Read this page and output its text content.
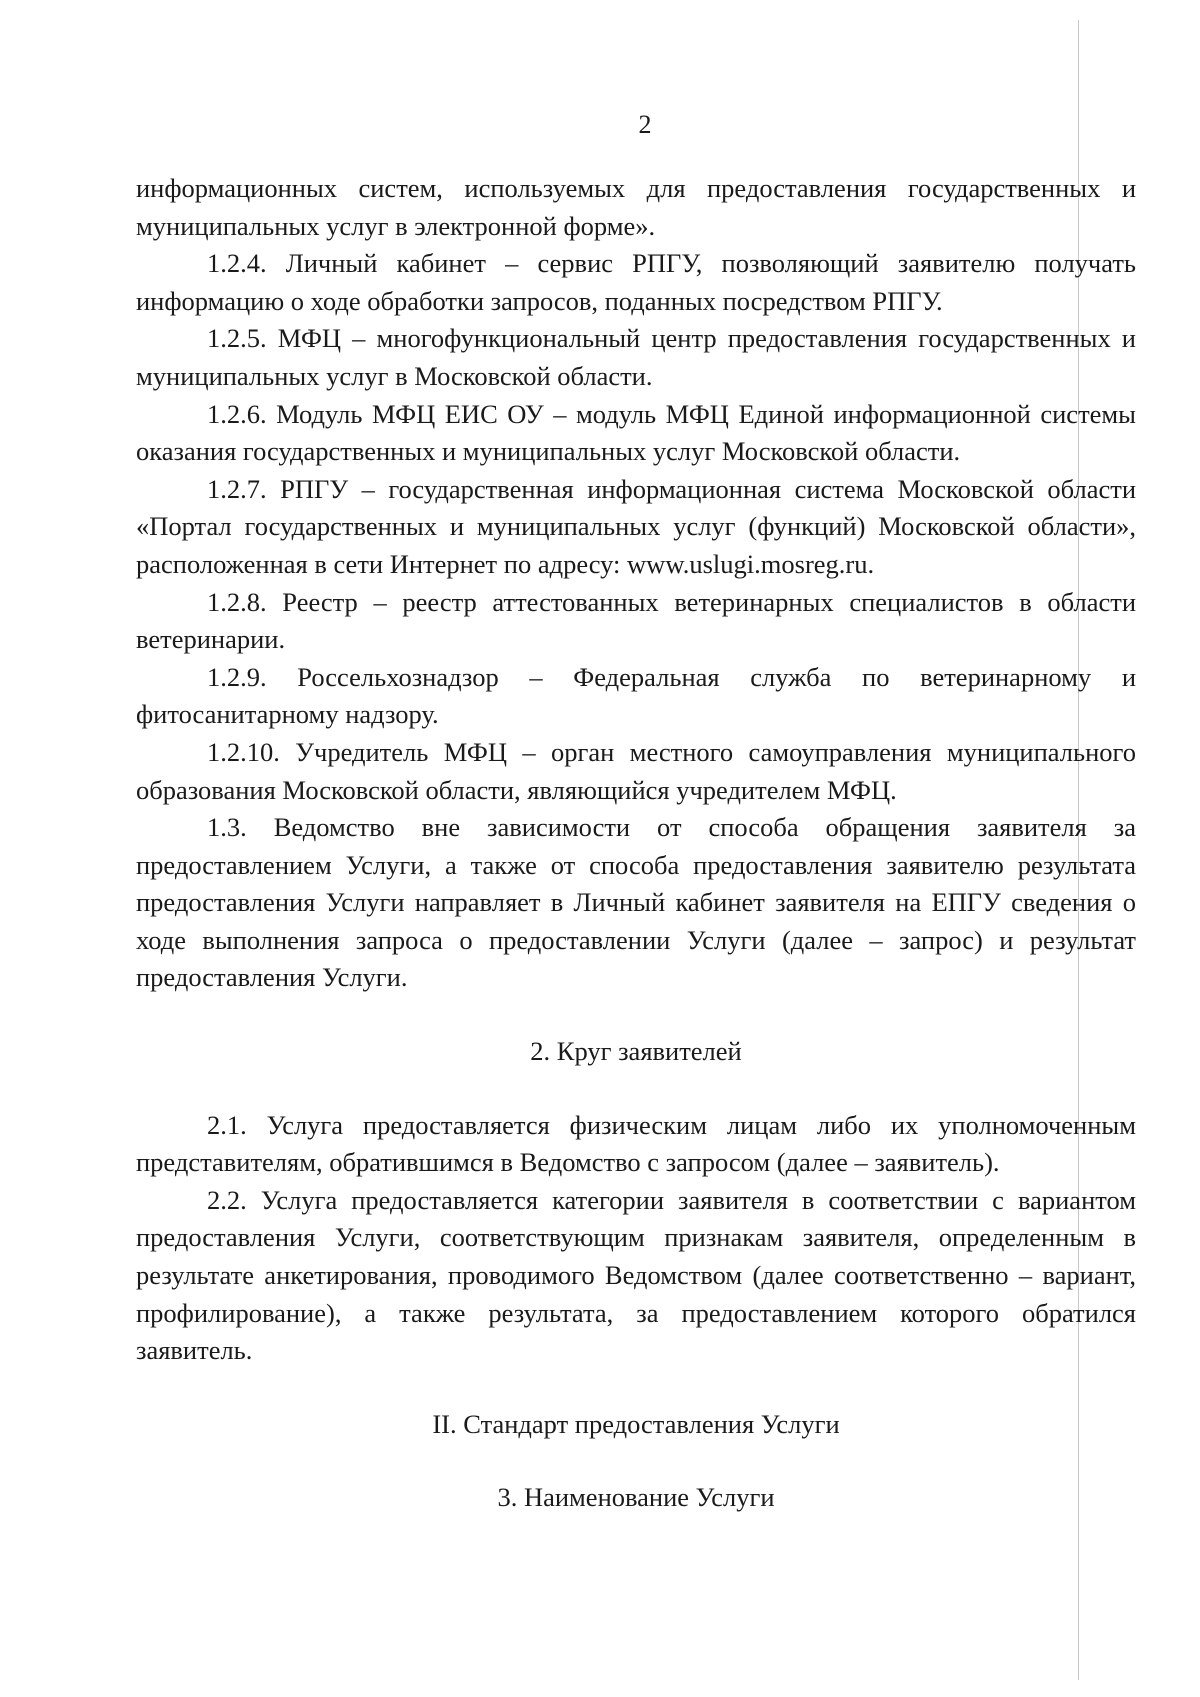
2

информационных систем, используемых для предоставления государственных и муниципальных услуг в электронной форме».

1.2.4. Личный кабинет – сервис РПГУ, позволяющий заявителю получать информацию о ходе обработки запросов, поданных посредством РПГУ.

1.2.5. МФЦ – многофункциональный центр предоставления государственных и муниципальных услуг в Московской области.

1.2.6. Модуль МФЦ ЕИС ОУ – модуль МФЦ Единой информационной системы оказания государственных и муниципальных услуг Московской области.

1.2.7. РПГУ – государственная информационная система Московской области «Портал государственных и муниципальных услуг (функций) Московской области», расположенная в сети Интернет по адресу: www.uslugi.mosreg.ru.

1.2.8. Реестр – реестр аттестованных ветеринарных специалистов в области ветеринарии.

1.2.9. Россельхознадзор – Федеральная служба по ветеринарному и фитосанитарному надзору.

1.2.10. Учредитель МФЦ – орган местного самоуправления муниципального образования Московской области, являющийся учредителем МФЦ.

1.3. Ведомство вне зависимости от способа обращения заявителя за предоставлением Услуги, а также от способа предоставления заявителю результата предоставления Услуги направляет в Личный кабинет заявителя на ЕПГУ сведения о ходе выполнения запроса о предоставлении Услуги (далее – запрос) и результат предоставления Услуги.

2. Круг заявителей

2.1. Услуга предоставляется физическим лицам либо их уполномоченным представителям, обратившимся в Ведомство с запросом (далее – заявитель).

2.2. Услуга предоставляется категории заявителя в соответствии с вариантом предоставления Услуги, соответствующим признакам заявителя, определенным в результате анкетирования, проводимого Ведомством (далее соответственно – вариант, профилирование), а также результата, за предоставлением которого обратился заявитель.

II. Стандарт предоставления Услуги

3. Наименование Услуги
